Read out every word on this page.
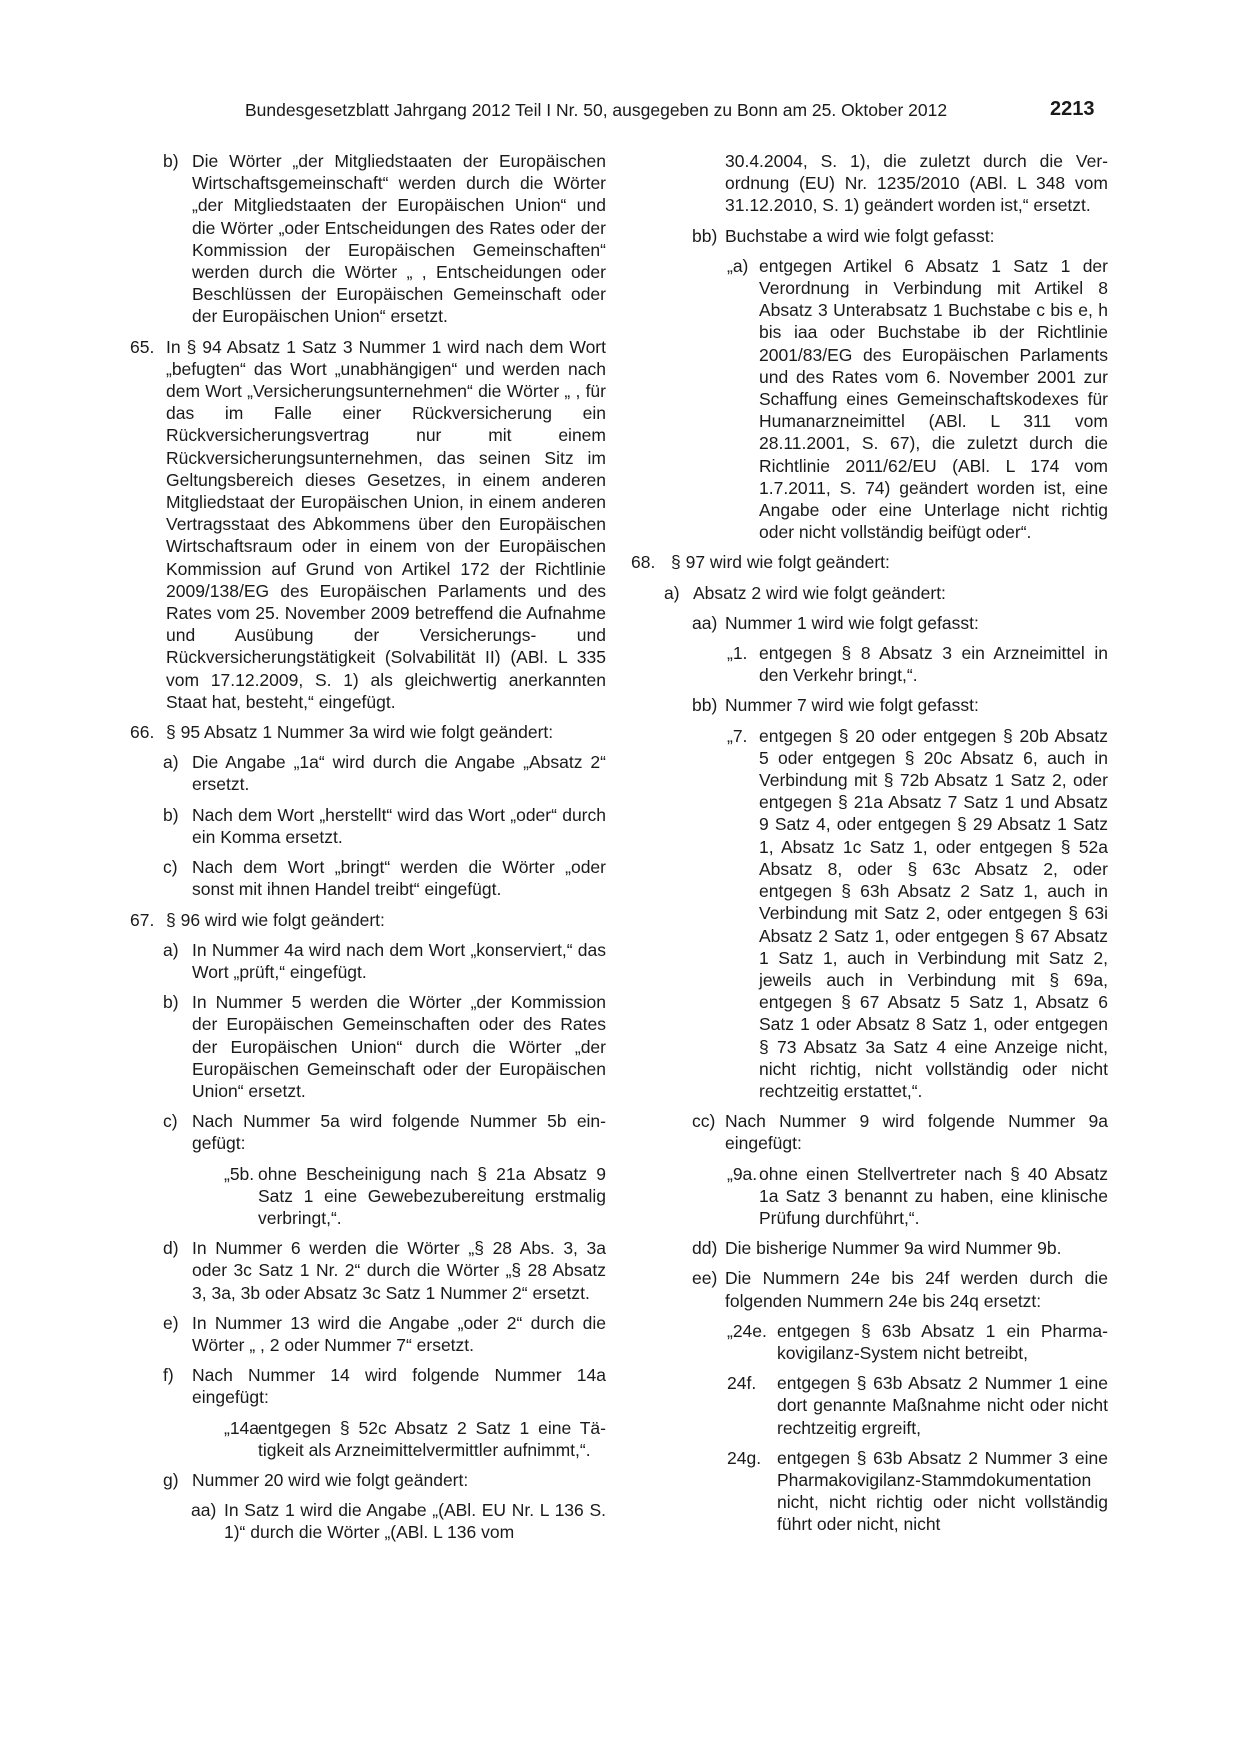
Bundesgesetzblatt Jahrgang 2012 Teil I Nr. 50, ausgegeben zu Bonn am 25. Oktober 2012	2213
b) Die Wörter „der Mitgliedstaaten der Europäischen Wirtschaftsgemeinschaft“ werden durch die Wörter „der Mitgliedstaaten der Europäischen Union“ und die Wörter „oder Entscheidungen des Rates oder der Kommission der Europäischen Gemeinschaften“ werden durch die Wörter „ , Entscheidungen oder Beschlüssen der Europäischen Gemeinschaft oder der Europäischen Union“ ersetzt.
65. In § 94 Absatz 1 Satz 3 Nummer 1 wird nach dem Wort „befugten“ das Wort „unabhängigen“ und werden nach dem Wort „Versicherungsunternehmen“ die Wörter „ , für das im Falle einer Rückversicherung ein Rückversicherungsvertrag nur mit einem Rückversicherungsunternehmen, das seinen Sitz im Geltungsbereich dieses Gesetzes, in einem anderen Mitgliedstaat der Europäischen Union, in einem anderen Vertragsstaat des Abkommens über den Europäischen Wirtschaftsraum oder in einem von der Europäischen Kommission auf Grund von Artikel 172 der Richtlinie 2009/138/EG des Europäischen Parlaments und des Rates vom 25. November 2009 betreffend die Aufnahme und Ausübung der Versicherungs- und Rückversicherungstätigkeit (Solvabilität II) (ABl. L 335 vom 17.12.2009, S. 1) als gleichwertig anerkannten Staat hat, besteht,“ eingefügt.
66. § 95 Absatz 1 Nummer 3a wird wie folgt geändert:
a) Die Angabe „1a“ wird durch die Angabe „Absatz 2“ ersetzt.
b) Nach dem Wort „herstellt“ wird das Wort „oder“ durch ein Komma ersetzt.
c) Nach dem Wort „bringt“ werden die Wörter „oder sonst mit ihnen Handel treibt“ eingefügt.
67. § 96 wird wie folgt geändert:
a) In Nummer 4a wird nach dem Wort „konserviert,“ das Wort „prüft,“ eingefügt.
b) In Nummer 5 werden die Wörter „der Kommission der Europäischen Gemeinschaften oder des Rates der Europäischen Union“ durch die Wörter „der Europäischen Gemeinschaft oder der Europäischen Union“ ersetzt.
c) Nach Nummer 5a wird folgende Nummer 5b eingefügt:
„5b. ohne Bescheinigung nach § 21a Absatz 9 Satz 1 eine Gewebezubereitung erstmalig verbringt,“.
d) In Nummer 6 werden die Wörter „§ 28 Abs. 3, 3a oder 3c Satz 1 Nr. 2“ durch die Wörter „§ 28 Absatz 3, 3a, 3b oder Absatz 3c Satz 1 Nummer 2“ ersetzt.
e) In Nummer 13 wird die Angabe „oder 2“ durch die Wörter „ , 2 oder Nummer 7“ ersetzt.
f) Nach Nummer 14 wird folgende Nummer 14a eingefügt:
„14a.
entgegen § 52c Absatz 2 Satz 1 eine Tätigkeit als Arzneimittelvermittler aufnimmt,“.
g) Nummer 20 wird wie folgt geändert:
aa) In Satz 1 wird die Angabe „(ABl. EU Nr. L 136 S. 1)“ durch die Wörter „(ABl. L 136 vom
30.4.2004, S. 1), die zuletzt durch die Verordnung (EU) Nr. 1235/2010 (ABl. L 348 vom 31.12.2010, S. 1) geändert worden ist,“ ersetzt.
bb) Buchstabe a wird wie folgt gefasst:
„a) entgegen Artikel 6 Absatz 1 Satz 1 der Verordnung in Verbindung mit Artikel 8 Absatz 3 Unterabsatz 1 Buchstabe c bis e, h bis iaa oder Buchstabe ib der Richtlinie 2001/83/EG des Europäischen Parlaments und des Rates vom 6. November 2001 zur Schaffung eines Gemeinschaftskodexes für Humanarzneimittel (ABl. L 311 vom 28.11.2001, S. 67), die zuletzt durch die Richtlinie 2011/62/EU (ABl. L 174 vom 1.7.2011, S. 74) geändert worden ist, eine Angabe oder eine Unterlage nicht richtig oder nicht vollständig beifügt oder“.
68. § 97 wird wie folgt geändert:
a) Absatz 2 wird wie folgt geändert:
aa) Nummer 1 wird wie folgt gefasst:
„1. entgegen § 8 Absatz 3 ein Arzneimittel in den Verkehr bringt,“.
bb) Nummer 7 wird wie folgt gefasst:
„7. entgegen § 20 oder entgegen § 20b Absatz 5 oder entgegen § 20c Absatz 6, auch in Verbindung mit § 72b Absatz 1 Satz 2, oder entgegen § 21a Absatz 7 Satz 1 und Absatz 9 Satz 4, oder entgegen § 29 Absatz 1 Satz 1, Absatz 1c Satz 1, oder entgegen § 52a Absatz 8, oder § 63c Absatz 2, oder entgegen § 63h Absatz 2 Satz 1, auch in Verbindung mit Satz 2, oder entgegen § 63i Absatz 2 Satz 1, oder entgegen § 67 Absatz 1 Satz 1, auch in Verbindung mit Satz 2, jeweils auch in Verbindung mit § 69a, entgegen § 67 Absatz 5 Satz 1, Absatz 6 Satz 1 oder Absatz 8 Satz 1, oder entgegen § 73 Absatz 3a Satz 4 eine Anzeige nicht, nicht richtig, nicht vollständig oder nicht rechtzeitig erstattet,“.
cc) Nach Nummer 9 wird folgende Nummer 9a eingefügt:
„9a. ohne einen Stellvertreter nach § 40 Absatz 1a Satz 3 benannt zu haben, eine klinische Prüfung durchführt,“.
dd) Die bisherige Nummer 9a wird Nummer 9b.
ee) Die Nummern 24e bis 24f werden durch die folgenden Nummern 24e bis 24q ersetzt:
„24e. entgegen § 63b Absatz 1 ein Pharmakovigilanz-System nicht betreibt,
24f. entgegen § 63b Absatz 2 Nummer 1 eine dort genannte Maßnahme nicht oder nicht rechtzeitig ergreift,
24g. entgegen § 63b Absatz 2 Nummer 3 eine Pharmakovigilanz-Stammdokumentation nicht, nicht richtig oder nicht vollständig führt oder nicht, nicht
